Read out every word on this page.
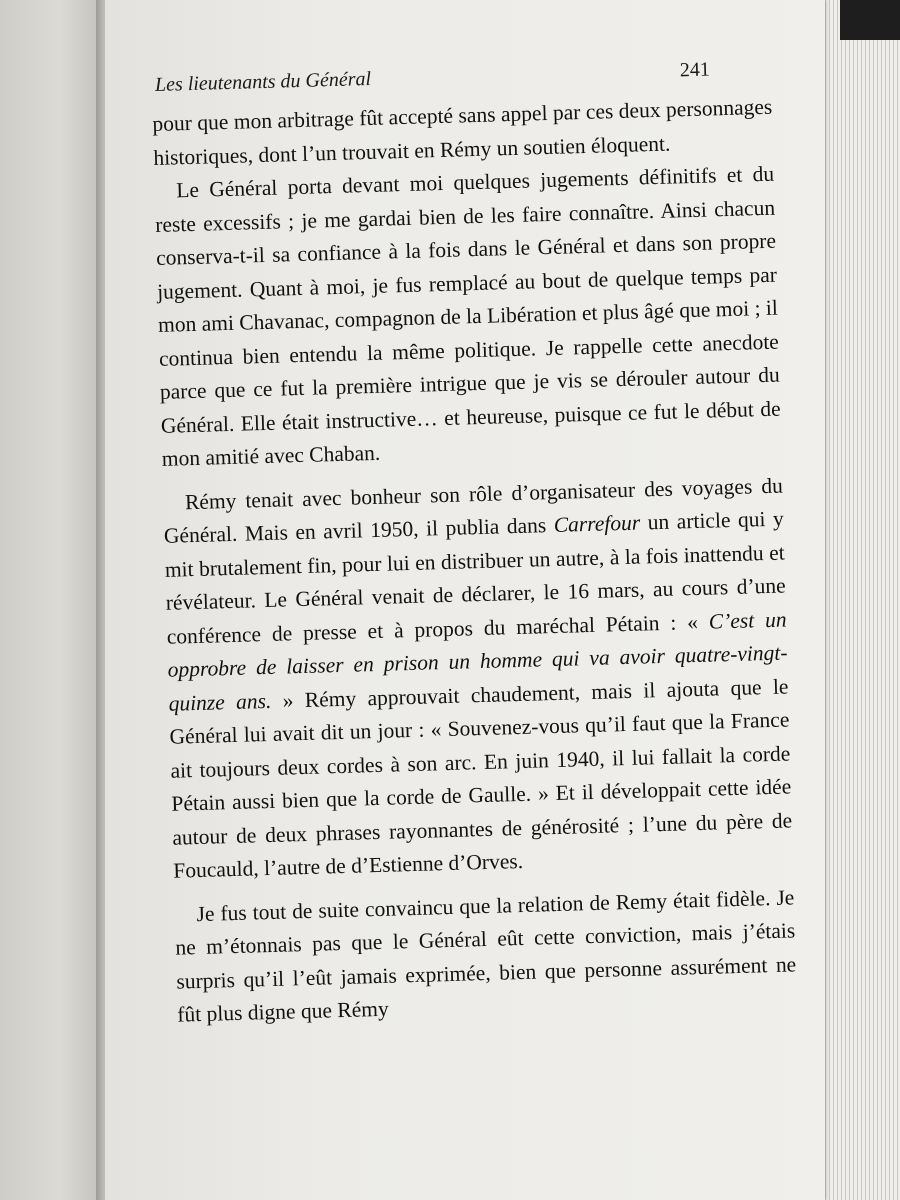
Les lieutenants du Général	241

pour que mon arbitrage fût accepté sans appel par ces deux personnages historiques, dont l’un trouvait en Rémy un soutien éloquent.

Le Général porta devant moi quelques jugements définitifs et du reste excessifs ; je me gardai bien de les faire connaître. Ainsi chacun conserva-t-il sa confiance à la fois dans le Général et dans son propre jugement. Quant à moi, je fus remplacé au bout de quelque temps par mon ami Chavanac, compagnon de la Libération et plus âgé que moi ; il continua bien entendu la même politique. Je rappelle cette anecdote parce que ce fut la première intrigue que je vis se dérouler autour du Général. Elle était instructive… et heureuse, puisque ce fut le début de mon amitié avec Chaban.

Rémy tenait avec bonheur son rôle d’organisateur des voyages du Général. Mais en avril 1950, il publia dans Carrefour un article qui y mit brutalement fin, pour lui en distribuer un autre, à la fois inattendu et révélateur. Le Général venait de déclarer, le 16 mars, au cours d’une conférence de presse et à propos du maréchal Pétain : « C’est un opprobre de laisser en prison un homme qui va avoir quatre-vingt-quinze ans. » Rémy approuvait chaudement, mais il ajouta que le Général lui avait dit un jour : « Souvenez-vous qu’il faut que la France ait toujours deux cordes à son arc. En juin 1940, il lui fallait la corde Pétain aussi bien que la corde de Gaulle. » Et il développait cette idée autour de deux phrases rayonnantes de générosité ; l’une du père de Foucauld, l’autre de d’Estienne d’Orves.

Je fus tout de suite convaincu que la relation de Remy était fidèle. Je ne m’étonnais pas que le Général eût cette conviction, mais j’étais surpris qu’il l’eût jamais exprimée, bien que personne assurément ne fût plus digne que Rémy
